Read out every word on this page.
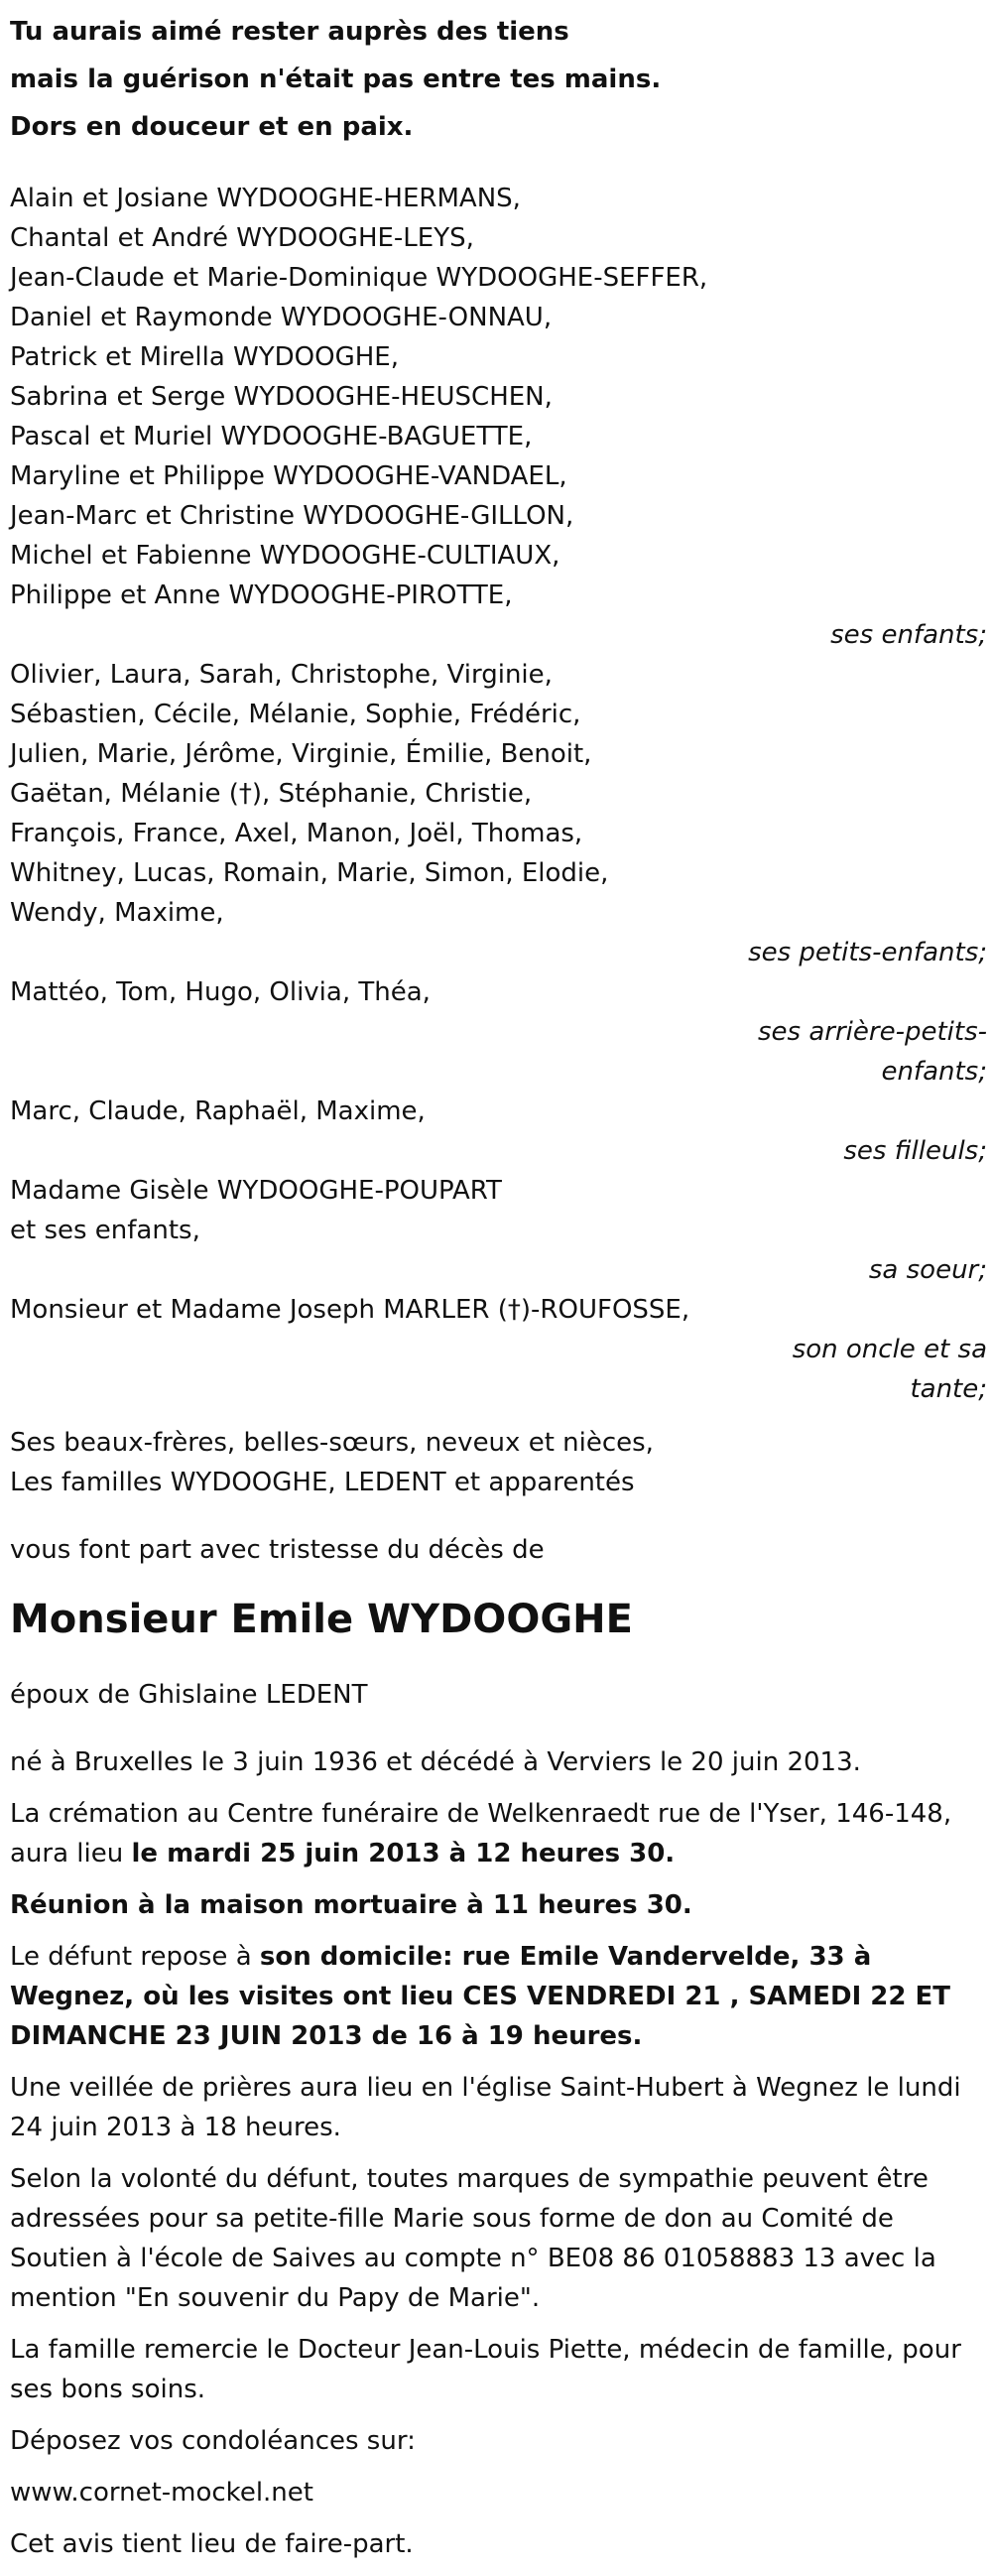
Tu aurais aimé rester auprès des tiens

mais la guérison n'était pas entre tes mains.

Dors en douceur et en paix.

Alain et Josiane WYDOOGHE-HERMANS,

Chantal et André WYDOOGHE-LEYS,

Jean-Claude et Marie-Dominique WYDOOGHE-SEFFER,

Daniel et Raymonde WYDOOGHE-ONNAU,

Patrick et Mirella WYDOOGHE,

Sabrina et Serge WYDOOGHE-HEUSCHEN,

Pascal et Muriel WYDOOGHE-BAGUETTE,

Maryline et Philippe WYDOOGHE-VANDAEL,

Jean-Marc et Christine WYDOOGHE-GILLON,

Michel et Fabienne WYDOOGHE-CULTIAUX,

Philippe et Anne WYDOOGHE-PIROTTE,

ses enfants;

Olivier, Laura, Sarah, Christophe, Virginie,

Sébastien, Cécile, Mélanie, Sophie, Frédéric,

Julien, Marie, Jérôme, Virginie, Émilie, Benoit,

Gaëtan, Mélanie (†), Stéphanie, Christie,

François, France, Axel, Manon, Joël, Thomas,

Whitney, Lucas, Romain, Marie, Simon, Elodie,

Wendy, Maxime,

ses petits-enfants;

Mattéo, Tom, Hugo, Olivia, Théa,

ses arrière-petits-

enfants;

Marc, Claude, Raphaël, Maxime,

ses filleuls;

Madame Gisèle WYDOOGHE-POUPART

et ses enfants,

sa soeur;

Monsieur et Madame Joseph MARLER (†)-ROUFOSSE,

son oncle et sa

tante;

Ses beaux-frères, belles-sœurs, neveux et nièces,

Les familles WYDOOGHE, LEDENT et apparentés

vous font part avec tristesse du décès de

Monsieur Emile WYDOOGHE

époux de Ghislaine LEDENT

né à Bruxelles le 3 juin 1936 et décédé à Verviers le 20 juin 2013.

La crémation au Centre funéraire de Welkenraedt rue de l'Yser, 146-148, aura lieu le mardi 25 juin 2013 à 12 heures 30.

Réunion à la maison mortuaire à 11 heures 30.

Le défunt repose à son domicile: rue Emile Vandervelde, 33 à Wegnez, où les visites ont lieu CES VENDREDI 21 , SAMEDI 22 ET DIMANCHE 23 JUIN 2013 de 16 à 19 heures.

Une veillée de prières aura lieu en l'église Saint-Hubert à Wegnez le lundi 24 juin 2013 à 18 heures.

Selon la volonté du défunt, toutes marques de sympathie peuvent être adressées pour sa petite-fille Marie sous forme de don au Comité de Soutien à l'école de Saives au compte n° BE08 86 01058883 13 avec la mention "En souvenir du Papy de Marie".

La famille remercie le Docteur Jean-Louis Piette, médecin de famille, pour ses bons soins.

Déposez vos condoléances sur:

www.cornet-mockel.net

Cet avis tient lieu de faire-part.
